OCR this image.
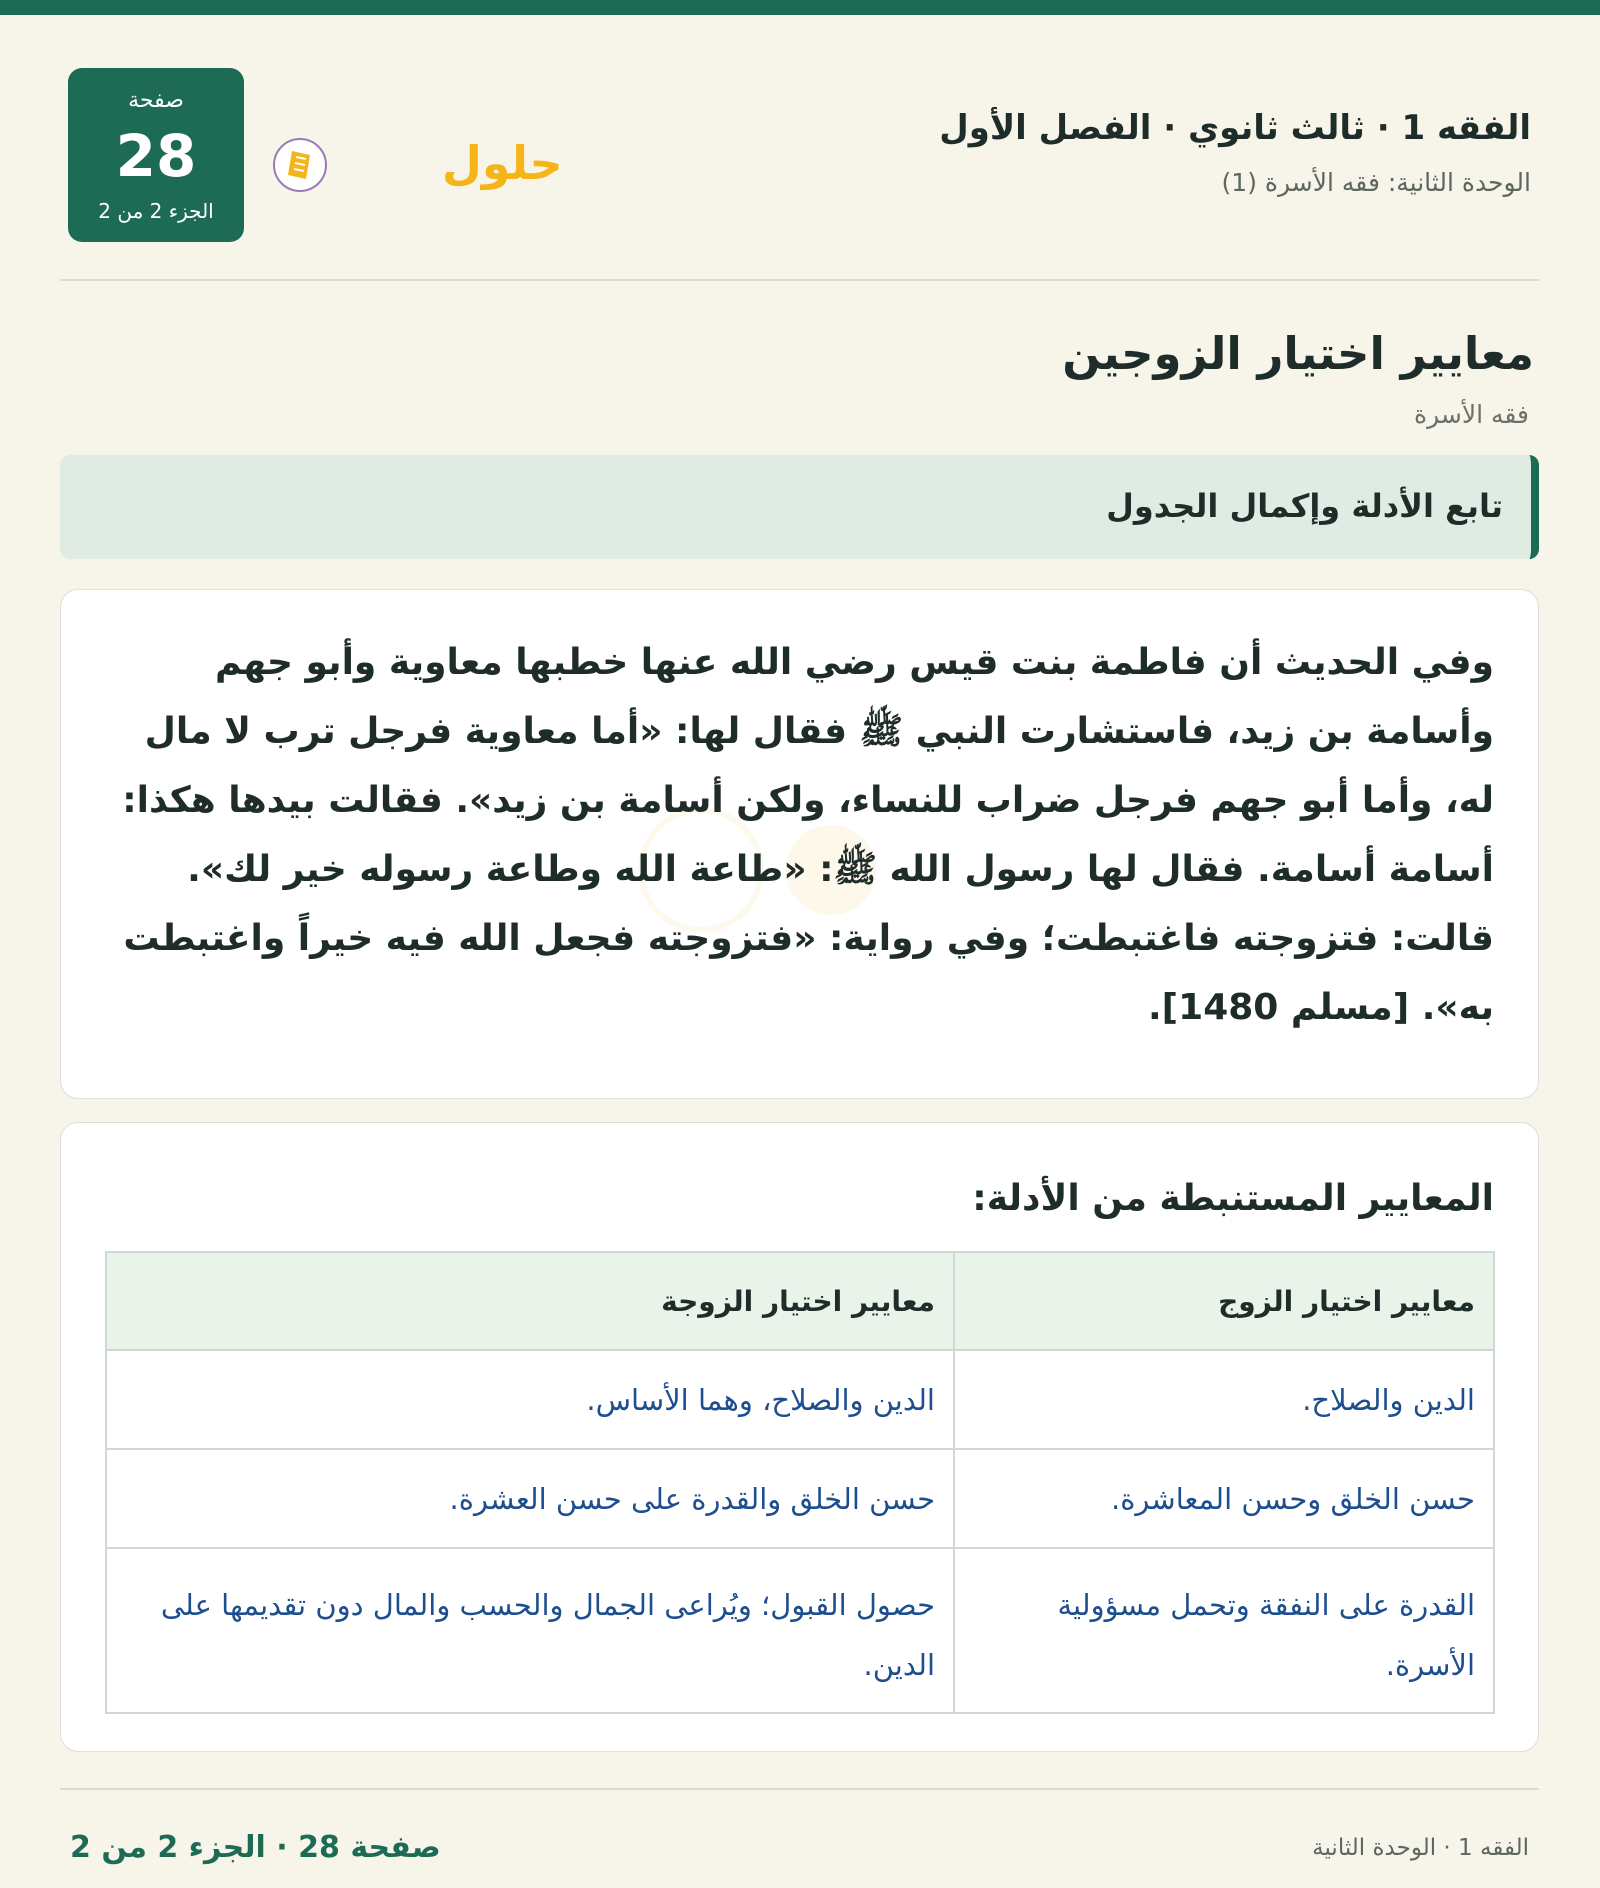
الفقه 1 · ثالث ثانوي · الفصل الأول
الوحدة الثانية: فقه الأسرة (1)
صفحة
28
الجزء 2 من 2
حلول
معايير اختيار الزوجين
فقه الأسرة
تابع الأدلة وإكمال الجدول
وفي الحديث أن فاطمة بنت قيس رضي الله عنها خطبها معاوية وأبو جهم وأسامة بن زيد، فاستشارت النبي ﷺ فقال لها: «أما معاوية فرجل ترب لا مال له، وأما أبو جهم فرجل ضراب للنساء، ولكن أسامة بن زيد». فقالت بيدها هكذا: أسامة أسامة. فقال لها رسول الله ﷺ: «طاعة الله وطاعة رسوله خير لك». قالت: فتزوجته فاغتبطت؛ وفي رواية: «فتزوجته فجعل الله فيه خيراً واغتبطت به». [مسلم 1480].
المعايير المستنبطة من الأدلة:
معايير اختيار الزوج	معايير اختيار الزوجة
الدين والصلاح.	الدين والصلاح، وهما الأساس.
حسن الخلق وحسن المعاشرة.	حسن الخلق والقدرة على حسن العشرة.
القدرة على النفقة وتحمل مسؤولية الأسرة.	حصول القبول؛ ويُراعى الجمال والحسب والمال دون تقديمها على الدين.
الفقه 1 · الوحدة الثانية
صفحة 28 · الجزء 2 من 2
